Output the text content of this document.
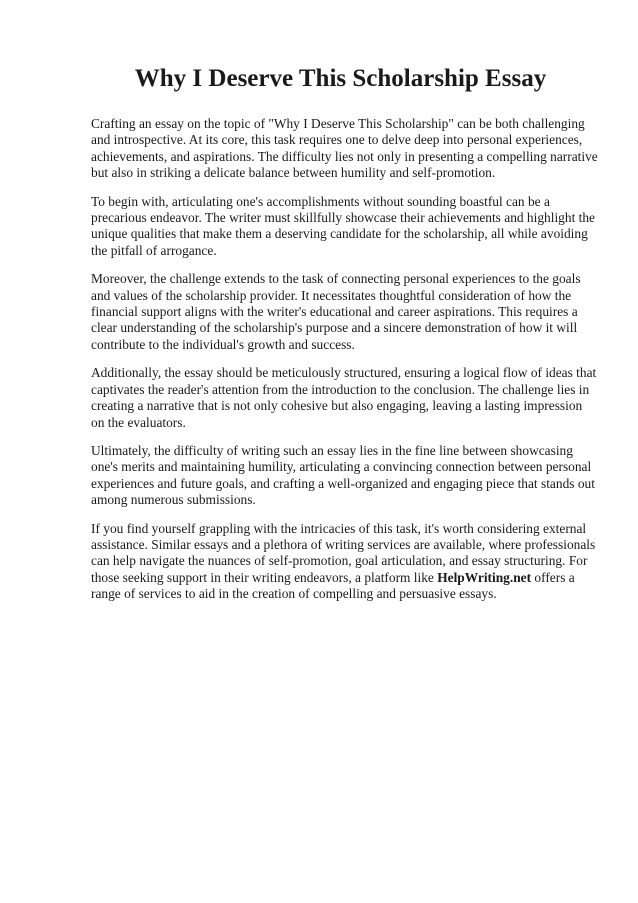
Why I Deserve This Scholarship Essay

Crafting an essay on the topic of "Why I Deserve This Scholarship" can be both challenging and introspective. At its core, this task requires one to delve deep into personal experiences, achievements, and aspirations. The difficulty lies not only in presenting a compelling narrative but also in striking a delicate balance between humility and self-promotion.

To begin with, articulating one's accomplishments without sounding boastful can be a precarious endeavor. The writer must skillfully showcase their achievements and highlight the unique qualities that make them a deserving candidate for the scholarship, all while avoiding the pitfall of arrogance.

Moreover, the challenge extends to the task of connecting personal experiences to the goals and values of the scholarship provider. It necessitates thoughtful consideration of how the financial support aligns with the writer's educational and career aspirations. This requires a clear understanding of the scholarship's purpose and a sincere demonstration of how it will contribute to the individual's growth and success.

Additionally, the essay should be meticulously structured, ensuring a logical flow of ideas that captivates the reader's attention from the introduction to the conclusion. The challenge lies in creating a narrative that is not only cohesive but also engaging, leaving a lasting impression on the evaluators.

Ultimately, the difficulty of writing such an essay lies in the fine line between showcasing one's merits and maintaining humility, articulating a convincing connection between personal experiences and future goals, and crafting a well-organized and engaging piece that stands out among numerous submissions.

If you find yourself grappling with the intricacies of this task, it's worth considering external assistance. Similar essays and a plethora of writing services are available, where professionals can help navigate the nuances of self-promotion, goal articulation, and essay structuring. For those seeking support in their writing endeavors, a platform like HelpWriting.net offers a range of services to aid in the creation of compelling and persuasive essays.
